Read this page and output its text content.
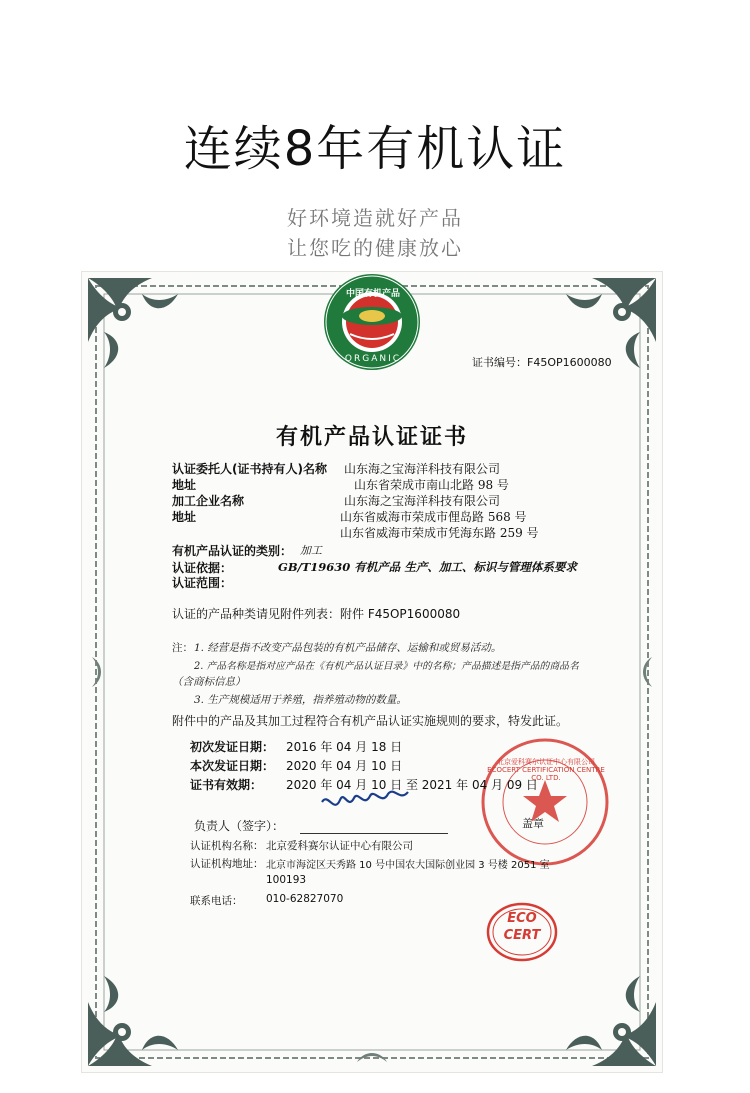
连续8年有机认证
好环境造就好产品
让您吃的健康放心
中国有机产品
ORGANIC	证书编号：F45OP1600080
有机产品认证证书
认证委托人(证书持有人)名称 山东海之宝海洋科技有限公司
地址	山东省荣成市南山北路 98 号
加工企业名称	山东海之宝海洋科技有限公司
地址	山东省威海市荣成市俚岛路 568 号
山东省威海市荣成市凭海东路 259 号
有机产品认证的类别： 加工
认证依据：	GB/T19630 有机产品 生产、加工、标识与管理体系要求
认证范围：
认证的产品种类请见附件列表：附件 F45OP1600080
注： 1. 经营是指不改变产品包装的有机产品储存、运输和或贸易活动。
2. 产品名称是指对应产品在《有机产品认证目录》中的名称；产品描述是指产品的商品名
（含商标信息）
3. 生产规模适用于养殖，指养殖动物的数量。
附件中的产品及其加工过程符合有机产品认证实施规则的要求，特发此证。
初次发证日期： 2016 年 04 月 18 日
本次发证日期： 2020 年 04 月 10 日
证书有效期： 2020 年 04 月 10 日 至 2021 年 04 月 09 日
负责人（签字）：	盖章
认证机构名称： 北京爱科赛尔认证中心有限公司
认证机构地址： 北京市海淀区天秀路 10 号中国农大国际创业园 3 号楼 2051 室
100193
联系电话： 010-62827070
北京爱科赛尔认证中心有限公司 ECOCERT CERTIFICATION CENTRE CO. LTD.
ECO
CERT
